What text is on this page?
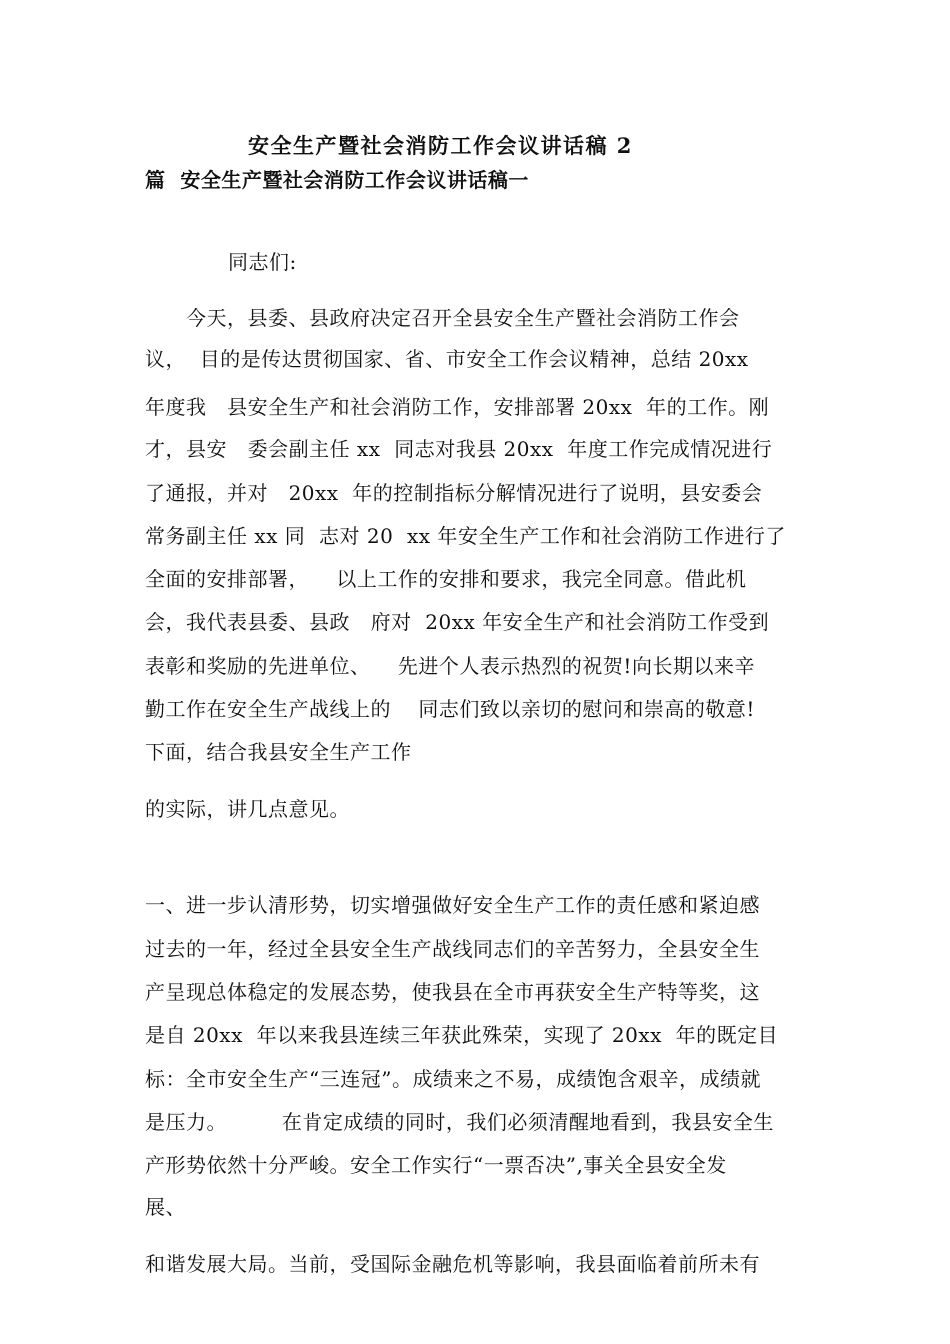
安全生产暨社会消防工作会议讲话稿 2
篇  安全生产暨社会消防工作会议讲话稿一
同志们:
今天，县委、县政府决定召开全县安全生产暨社会消防工作会
议，  目的是传达贯彻国家、省、市安全工作会议精神，总结 20xx
年度我   县安全生产和社会消防工作，安排部署 20xx  年的工作。刚
才，县安   委会副主任 xx  同志对我县 20xx  年度工作完成情况进行
了通报，并对   20xx  年的控制指标分解情况进行了说明，县安委会
常务副主任 xx 同  志对 20  xx 年安全生产工作和社会消防工作进行了
全面的安排部署，    以上工作的安排和要求，我完全同意。借此机
会，我代表县委、县政   府对  20xx 年安全生产和社会消防工作受到
表彰和奖励的先进单位、    先进个人表示热烈的祝贺!向长期以来辛
勤工作在安全生产战线上的    同志们致以亲切的慰问和崇高的敬意!
下面，结合我县安全生产工作
的实际，讲几点意见。
一、进一步认清形势，切实增强做好安全生产工作的责任感和紧迫感
过去的一年，经过全县安全生产战线同志们的辛苦努力，全县安全生
产呈现总体稳定的发展态势，使我县在全市再获安全生产特等奖，这
是自 20xx  年以来我县连续三年获此殊荣，实现了 20xx  年的既定目
标：全市安全生产“三连冠”。成绩来之不易，成绩饱含艰辛，成绩就
是压力。        在肯定成绩的同时，我们必须清醒地看到，我县安全生
产形势依然十分严峻。安全工作实行“一票否决”,事关全县安全发
展、
和谐发展大局。当前，受国际金融危机等影响，我县面临着前所未有
